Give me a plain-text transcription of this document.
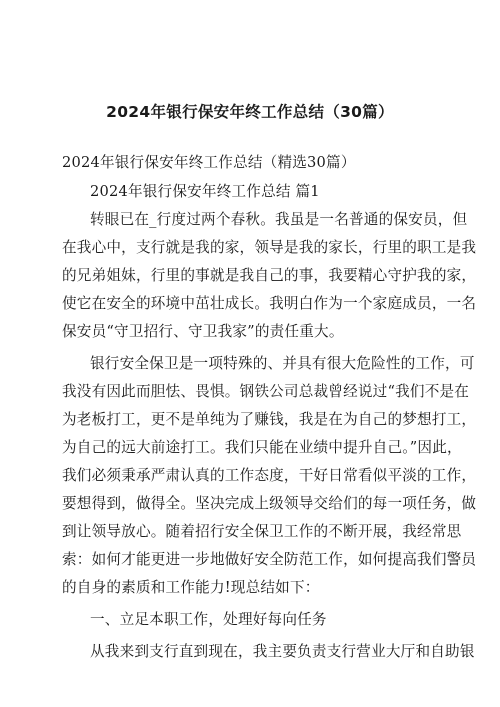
2024年银行保安年终工作总结（30篇）
2024年银行保安年终工作总结（精选30篇）
2024年银行保安年终工作总结 篇1
转眼已在_行度过两个春秋。我虽是一名普通的保安员，但
在我心中，支行就是我的家，领导是我的家长，行里的职工是我
的兄弟姐妹，行里的事就是我自己的事，我要精心守护我的家，
使它在安全的环境中茁壮成长。我明白作为一个家庭成员，一名
保安员“守卫招行、守卫我家”的责任重大。
银行安全保卫是一项特殊的、并具有很大危险性的工作，可
我没有因此而胆怯、畏惧。钢铁公司总裁曾经说过“我们不是在
为老板打工，更不是单纯为了赚钱，我是在为自己的梦想打工，
为自己的远大前途打工。我们只能在业绩中提升自己。”因此，
我们必须秉承严肃认真的工作态度，干好日常看似平淡的工作，
要想得到，做得全。坚决完成上级领导交给们的每一项任务，做
到让领导放心。随着招行安全保卫工作的不断开展，我经常思
索：如何才能更进一步地做好安全防范工作，如何提高我们警员
的自身的素质和工作能力!现总结如下：
一、立足本职工作，处理好每向任务
从我来到支行直到现在，我主要负责支行营业大厅和自助银
